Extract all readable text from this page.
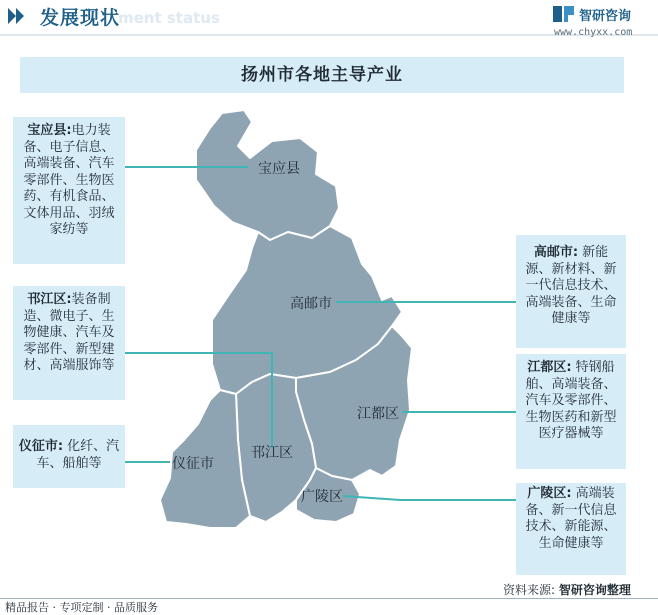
ment status
发展现状	智研咨询
www.chyxx.com
扬州市各地主导产业
宝应县
高邮市
江都区
邗江区
仪征市
广陵区
宝应县:电力装备、电子信息、高端装备、汽车零部件、生物医药、有机食品、文体用品、羽绒家纺等
邗江区:装备制造、微电子、生物健康、汽车及零部件、新型建材、高端服饰等
仪征市: 化纤、汽车、船舶等
高邮市: 新能源、新材料、新一代信息技术、高端装备、生命健康等
江都区: 特钢船舶、高端装备、汽车及零部件、生物医药和新型医疗器械等
广陵区: 高端装备、新一代信息技术、新能源、生命健康等
资料来源: 智研咨询整理
精品报告 · 专项定制 · 品质服务
